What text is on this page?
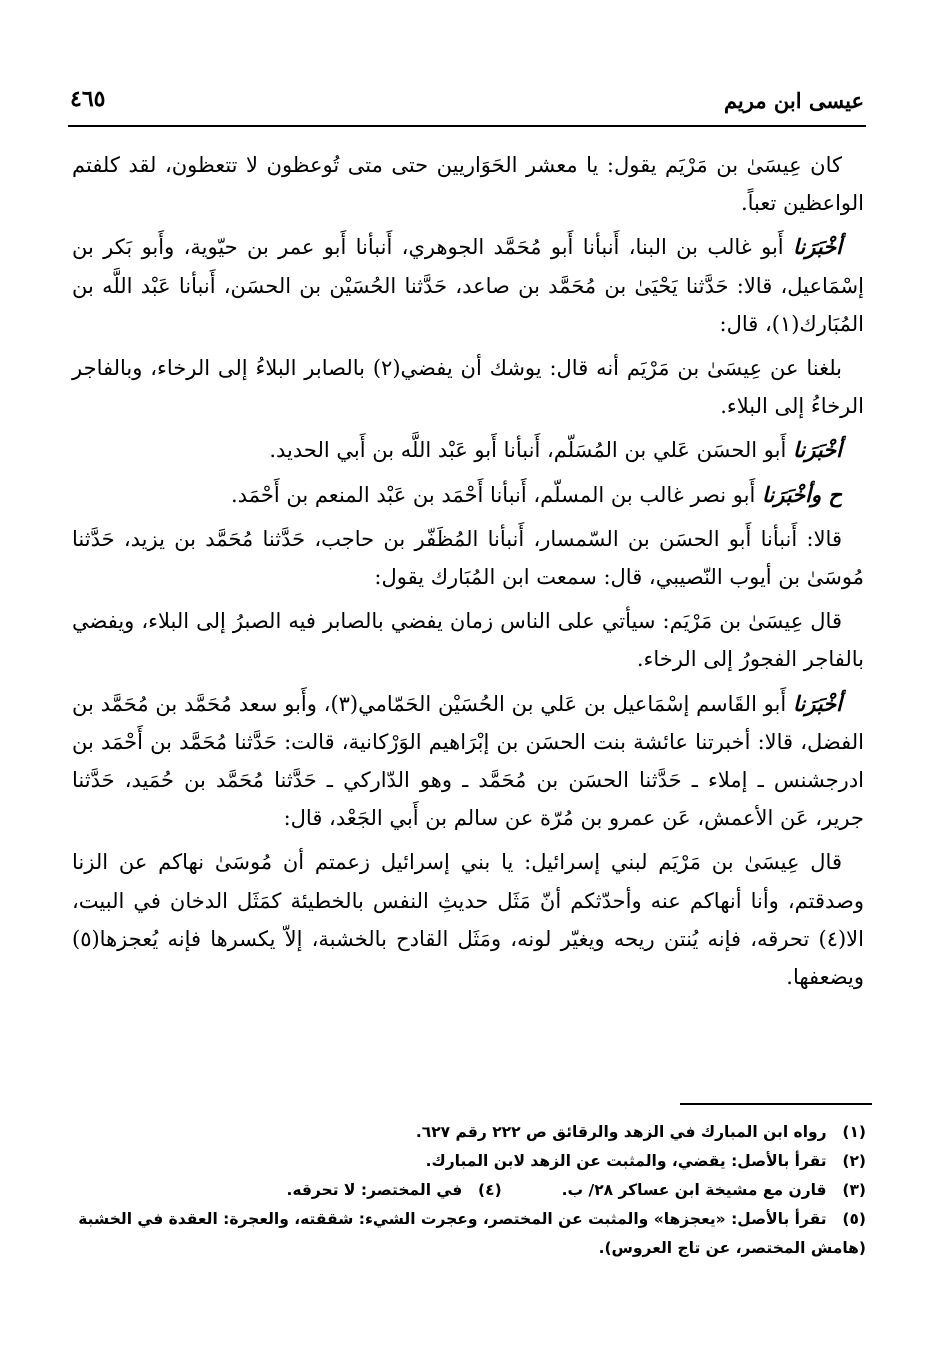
عيسى ابن مريم
٤٦٥

كان عِيسَىٰ بن مَرْيَم يقول: يا معشر الحَوَاريين حتى متى تُوعظون لا تتعظون، لقد كلفتم الواعظين تعباً.

أخْبَرَنا أَبو غالب بن البنا، أَنبأنا أَبو مُحَمَّد الجوهري، أَنبأنا أَبو عمر بن حيّوية، وأَبو بَكر بن إسْمَاعيل، قالا: حَدَّثنا يَحْيَىٰ بن مُحَمَّد بن صاعد، حَدَّثنا الحُسَيْن بن الحسَن، أَنبأنا عَبْد اللَّه بن المُبَارك(١)، قال:

بلغنا عن عِيسَىٰ بن مَرْيَم أنه قال: يوشك أن يفضي(٢) بالصابر البلاءُ إلى الرخاء، وبالفاجر الرخاءُ إلى البلاء.

أخْبَرَنا أَبو الحسَن عَلي بن المُسَلّم، أَنبأنا أَبو عَبْد اللَّه بن أَبي الحديد.

ح وأخْبَرَنا أَبو نصر غالب بن المسلّم، أَنبأنا أَحْمَد بن عَبْد المنعم بن أَحْمَد.

قالا: أَنبأنا أَبو الحسَن بن السّمسار، أَنبأنا المُظَفّر بن حاجب، حَدَّثنا مُحَمَّد بن يزيد، حَدَّثنا مُوسَىٰ بن أيوب النّصيبي، قال: سمعت ابن المُبَارك يقول:

قال عِيسَىٰ بن مَرْيَم: سيأتي على الناس زمان يفضي بالصابر فيه الصبرُ إلى البلاء، ويفضي بالفاجر الفجورُ إلى الرخاء.

أخْبَرَنا أَبو القَاسم إسْمَاعيل بن عَلي بن الحُسَيْن الحَمّامي(٣)، وأَبو سعد مُحَمَّد بن مُحَمَّد بن الفضل، قالا: أخبرتنا عائشة بنت الحسَن بن إبْرَاهيم الوَرْكانية، قالت: حَدَّثنا مُحَمَّد بن أَحْمَد بن ادرجشنس ـ إملاء ـ حَدَّثنا الحسَن بن مُحَمَّد ـ وهو الدّاركي ـ حَدَّثنا مُحَمَّد بن حُمَيد، حَدَّثنا جرير، عَن الأعمش، عَن عمرو بن مُرّة عن سالم بن أَبي الجَعْد، قال:

قال عِيسَىٰ بن مَرْيَم لبني إسرائيل: يا بني إسرائيل زعمتم أن مُوسَىٰ نهاكم عن الزنا وصدقتم، وأنا أنهاكم عنه وأحدّثكم أنّ مَثَل حديثِ النفس بالخطيئة كمَثَل الدخان في البيت، الا(٤) تحرقه، فإنه يُنتن ريحه ويغيّر لونه، ومَثَل القادح بالخشبة، إلاّ يكسرها فإنه يُعجزها(٥) ويضعفها.

(١) رواه ابن المبارك في الزهد والرقائق ص ٢٢٢ رقم ٦٢٧.
(٢) تقرأ بالأصل: يقضي، والمثبت عن الزهد لابن المبارك.
(٣) قارن مع مشيخة ابن عساكر ٢٨/ ب.
(٤) في المختصر: لا تحرقه.
(٥) تقرأ بالأصل: «يعجزها» والمثبت عن المختصر، وعجرت الشيء: شققته، والعجرة: العقدة في الخشبة (هامش المختصر، عن تاج العروس).
